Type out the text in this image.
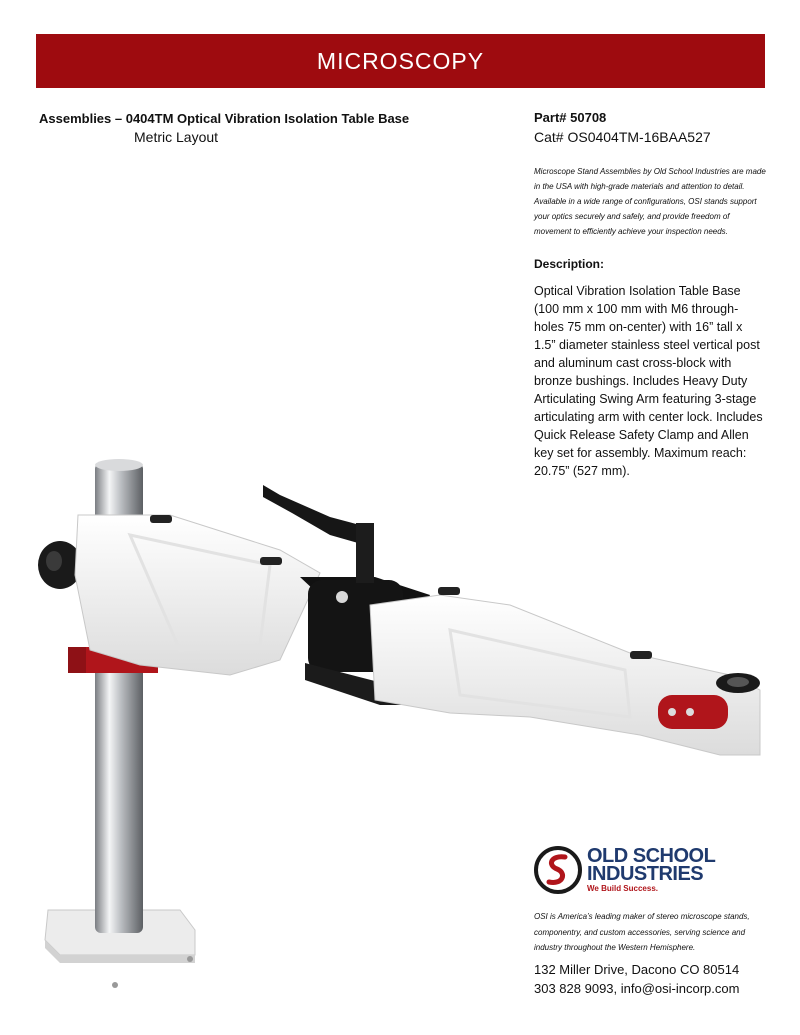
MICROSCOPY
Assemblies – 0404TM Optical Vibration Isolation Table Base
Metric Layout
Part# 50708
Cat# OS0404TM-16BAA527
Microscope Stand Assemblies by Old School Industries are made in the USA with high-grade materials and attention to detail. Available in a wide range of configurations, OSI stands support your optics securely and safely, and provide freedom of movement to efficiently achieve your inspection needs.
Description:
Optical Vibration Isolation Table Base (100 mm x 100 mm with M6 through-holes 75 mm on-center) with 16” tall x 1.5” diameter stainless steel vertical post and aluminum cast cross-block with bronze bushings. Includes Heavy Duty Articulating Swing Arm featuring 3-stage articulating arm with center lock. Includes Quick Release Safety Clamp and Allen key set for assembly. Maximum reach: 20.75” (527 mm).
OLD SCHOOL
INDUSTRIES
We Build Success.
OSI is America’s leading maker of stereo microscope stands, componentry, and custom accessories, serving science and industry throughout the Western Hemisphere.
132 Miller Drive, Dacono CO 80514
303 828 9093, info@osi-incorp.com
